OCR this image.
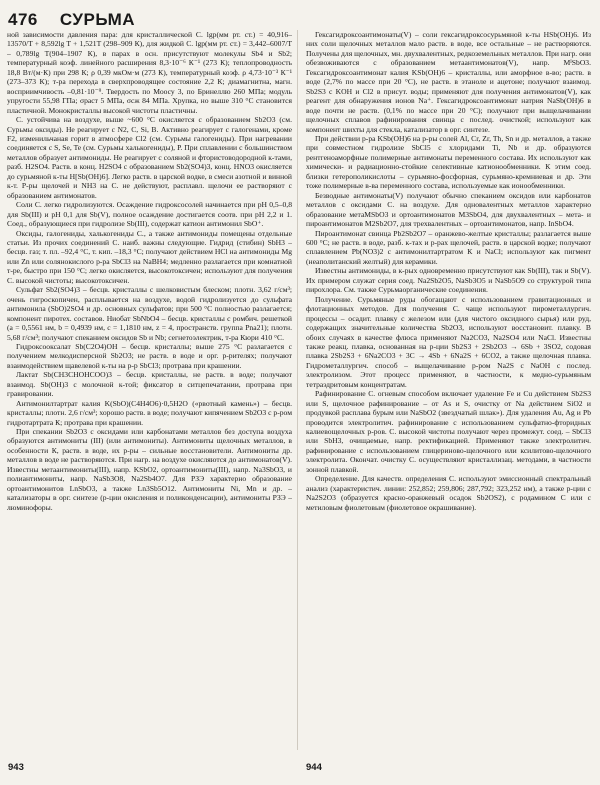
476 СУРЬМА

ной зависимости давления пара: для кристаллической С. lgp(мм рт. ст.) = 40,916–13570/T + 8,592lg T + 1,521T (298–909 К), для жидкой С. lgp(мм рт. ст.) = 3,442–6007/T – 0,789lg T(904–1907 К), в парах в осн. присутствуют молекулы Sb4 и Sb2; температурный коэф. линейного расширения 8,3·10⁻⁶ К⁻¹ (273 К); теплопроводность 18,8 Вт/(м·К) при 298 К; ρ 0,39 мкОм·м (273 К), температурный коэф. ρ 4,73·10⁻³ К⁻¹ (273–373 К); т-ра перехода в сверхпроводящее состояние 2,2 К; диамагнитна, магн. восприимчивость –0,81·10⁻⁹. Твердость по Моосу 3, по Бринеллю 260 МПа; модуль упругости 55,98 ГПа; σраст 5 МПа, σсж 84 МПа. Хрупка, но выше 310 °С становится пластичной. Монокристаллы высокой чистоты пластичны.

С. устойчива на воздухе, выше ~600 °С окисляется с образованием Sb2O3 (см. Сурьмы оксиды). Не реагирует с N2, С, Si, В. Активно реагирует с галогенами, кроме F2, изменильчаная горит в атмосфере Cl2 (см. Сурьмы галогениды). При нагревании соединяется с S, Se, Te (см. Сурьмы халькогениды), Р. При сплавлении с большинством металлов образует антимониды. Не реагирует с соляной и фтористоводородной к-тами, разб. H2SO4. Раств. в конц. H2SO4 с образованием Sb2(SO4)3, конц. HNO3 окисляется до сурьмяной к-ты H[Sb(OH)6]. Легко раств. в царской водке, в смеси азотной и винной к-т. Р-ры щелочей и NH3 на С. не действуют, расплавл. щелочи ее растворяют с образованием антимонатов.

Соли С. легко гидролизуются. Осаждение гидроксосолей начинается при рН 0,5–0,8 для Sb(III) и рН 0,1 для Sb(V), полное осаждение достигается соотв. при рН 2,2 и 1. Соед., образующиеся при гидролизе Sb(III), содержат катион антимонил SbO⁺.

Оксиды, галогениды, халькогениды С., а также антимониды помещены отдельные статьи. Из прочих соединений С. наиб. важны следующие. Гидрид (стибин) SbH3 – бесцв. газ; т. пл. –92,4 °С, т. кип. –18,3 °С; получают действием HCl на антимониды Mg или Zn или солянокислого р-ра SbCl3 на NaBH4; медленно разлагается при комнатной т-ре, быстро при 150 °С; легко окисляется, высокотоксичен; используют для получения С. высокой чистоты; высокотоксичен.

Сульфат Sb2(SO4)3 – бесцв. кристаллы с шелковистым блеском; плотн. 3,62 г/см³; очень гигроскопичен, расплывается на воздухе, водой гидролизуется до сульфата антимонила (SbO)2SO4 и др. основных сульфатов; при 500 °С полностью разлагается; компонент пиротех. составов. Ниобат SbNbO4 – бесцв. кристаллы с ромбич. решеткой (а = 0,5561 нм, b = 0,4939 нм, с = 1,1810 нм, z = 4, пространств. группа Pna21); плотн. 5,68 г/см³; получают спеканием оксидов Sb и Nb; сегнетоэлектрик, т-ра Кюри 410 °С.

Гидроксооксалат Sb(C2O4)OH – бесцв. кристаллы; выше 275 °С разлагается с получением мелкодисперсной Sb2O3; не раств. в воде и орг. р-рителях; получают взаимодействием щавелевой к-ты на р-р SbCl3; протрава при крашении.

Лактат Sb(CH3CHOHCOO)3 – бесцв. кристаллы, не раств. в воде; получают взаимод. Sb(OH)3 с молочной к-той; фиксатор в ситцепечатании, протрава при гравировании.

Антимонилтартрат калия K(SbO)(C4H4O6)·0,5H2O («рвотный камень») – бесцв. кристаллы; плотн. 2,6 г/см³; хорошо раств. в воде; получают кипячением Sb2O3 с р-ром гидротартрата К; протрава при крашении.

При спекании Sb2O3 с оксидами или карбонатами металлов без доступа воздуха образуются антимониты (III) (или антимониты). Антимониты щелочных металлов, в особенности К, раств. в воде, их р-ры – сильные восстановители. Антимониты др. металлов в воде не растворяются. При нагр. на воздухе окисляются до антимонатов(V). Известны метаантимониты(III), напр. KSbO2, ортоантимониты(III), напр. Na3SbO3, и полиантимониты, напр. NaSb3O8, Na2Sb4O7. Для РЗЭ характерно образование ортоантимонитов LnSbO3, а также Ln3Sb5O12. Антимониты Ni, Mn и др. – катализаторы в орг. синтезе (р-ции окисления и поликонденсации), антимониты РЗЭ – люминофоры.

Гексагидроксоантимонаты(V) – соли гексагидроксосурьмяной к-ты HSb(OH)6. Из них соли щелочных металлов мало раств. в воде, все остальные – не растворяются. Получены для щелочных, мн. двухвалентных, редкоземельных металлов. При нагр. они обезвоживаются с образованием метаантимонатов(V), напр. MᴵSbO3. Гексагидроксоантимонат калия KSb(OH)6 – кристаллы, или аморфное в-во; раств. в воде (2,7% по массе при 20 °С), не раств. в этаноле и ацетоне; получают взаимод. Sb2S3 с KOH и Cl2 в присут. воды; применяют для получения антимонатов(V), как реагент для обнаружения ионов Na⁺. Гексагидроксоантимонат натрия NaSb(OH)6 в воде почти не раств. (0,1% по массе при 20 °С); получают при выщелачивании щелочных сплавов рафинирования свинца с послед. очисткой; используют как компонент шихты для стекла, катализатор в орг. синтезе.

При действии р-ра KSb(OH)6 на р-ры солей Al, Cr, Zr, Th, Sn и др. металлов, а также при совместном гидролизе SbCl5 с хлоридами Ti, Nb и др. образуются рентгеноаморфные полимерные антимонаты переменного состава. Их используют как химически- и радиационно-стойкие селективные катионообменники. К этим соед. близки гетерополикислоты – сурьмяно-фосфорная, сурьмяно-кремниевая и др. Эти тоже полимерные в-ва переменного состава, используемые как ионообменники.

Безводные антимонаты(V) получают обычно спеканием оксидов или карбонатов металлов с оксидами С. на воздухе. Для одновалентных металлов характерно образование метаMSbO3 и ортоантимонатов M3SbO4, для двухвалентных – мета- и пироантимонатов M2Sb2O7, для трехвалентных – ортоантимонатов, напр. InSbO4.

Пироантимонат свинца Pb2Sb2O7 – оранжево-желтые кристаллы; разлагается выше 600 °С; не раств. в воде, разб. к-тах и р-рах щелочей, раств. в царской водке; получают сплавлением Pb(NO3)2 с антимонилтартратом К и NaCl; используют как пигмент (неаполитанский желтый) для керамики.

Известны антимониды, в к-рых одновременно присутствуют как Sb(III), так и Sb(V). Их примером служат серия соед. Na2Sb2O5, NaSb3O5 и NaSb5O9 со структурой типа пирохлора. См. также Сурьмаорганические соединения.

Получение. Сурьмяные руды обогащают с использованием гравитационных и флотационных методов. Для получения С. чаще используют пирометаллургич. процессы – осадит. плавку с железом или (для чистого оксидного сырья) или руд, содержащих значительные количества Sb2O3, используют восстановит. плавку. В обоих случаях в качестве флюса применяют Na2CO3, Na2SO4 или NaCl. Известны также реакц. плавка, основанная на р-ции Sb2S3 + 2Sb2O3 → 6Sb + 3SO2, содовая плавка 2Sb2S3 + 6Na2CO3 + 3C → 4Sb + 6Na2S + 6CO2, а также щелочная плавка. Гидрометаллургич. способ – выщелачивание р-ром Na2S с NaOH с послед. электролизом. Этот процесс применяют, в частности, к медно-сурьмяным тетраэдритовым концентратам.

Рафинирование С. огневым способом включает удаление Fe и Cu действием Sb2S3 или S, щелочное рафинирование – от As и S, очистку от Na действием SiO2 и продувкой расплава бурым или NaSbO2 (звездчатый шлак»). Для удаления Au, Ag и Pb проводится электролитич. рафинирование с использованием сульфатно-фторидных калиевощелочных р-ров. С. высокой чистоты получают через промежут. соед. – SbCl3 или SbH3, очищаемые, напр. ректификацией. Применяют также электролитич. рафинирование с использованием глицериново-щелочного или ксилитово-щелочного электролита. Окончат. очистку С. осуществляют кристаллизац. методами, в частности зонной плавкой.

Определение. Для качеств. определения С. используют эмиссионный спектральный анализ (характеристич. линии: 252,852; 259,806; 287,792; 323,252 нм), а также р-ции с Na2S2O3 (образуется красно-оранжевый осадок Sb2OS2), с родамином С или с метиловым фиолетовым (фиолетовое окрашивание).

943	944
